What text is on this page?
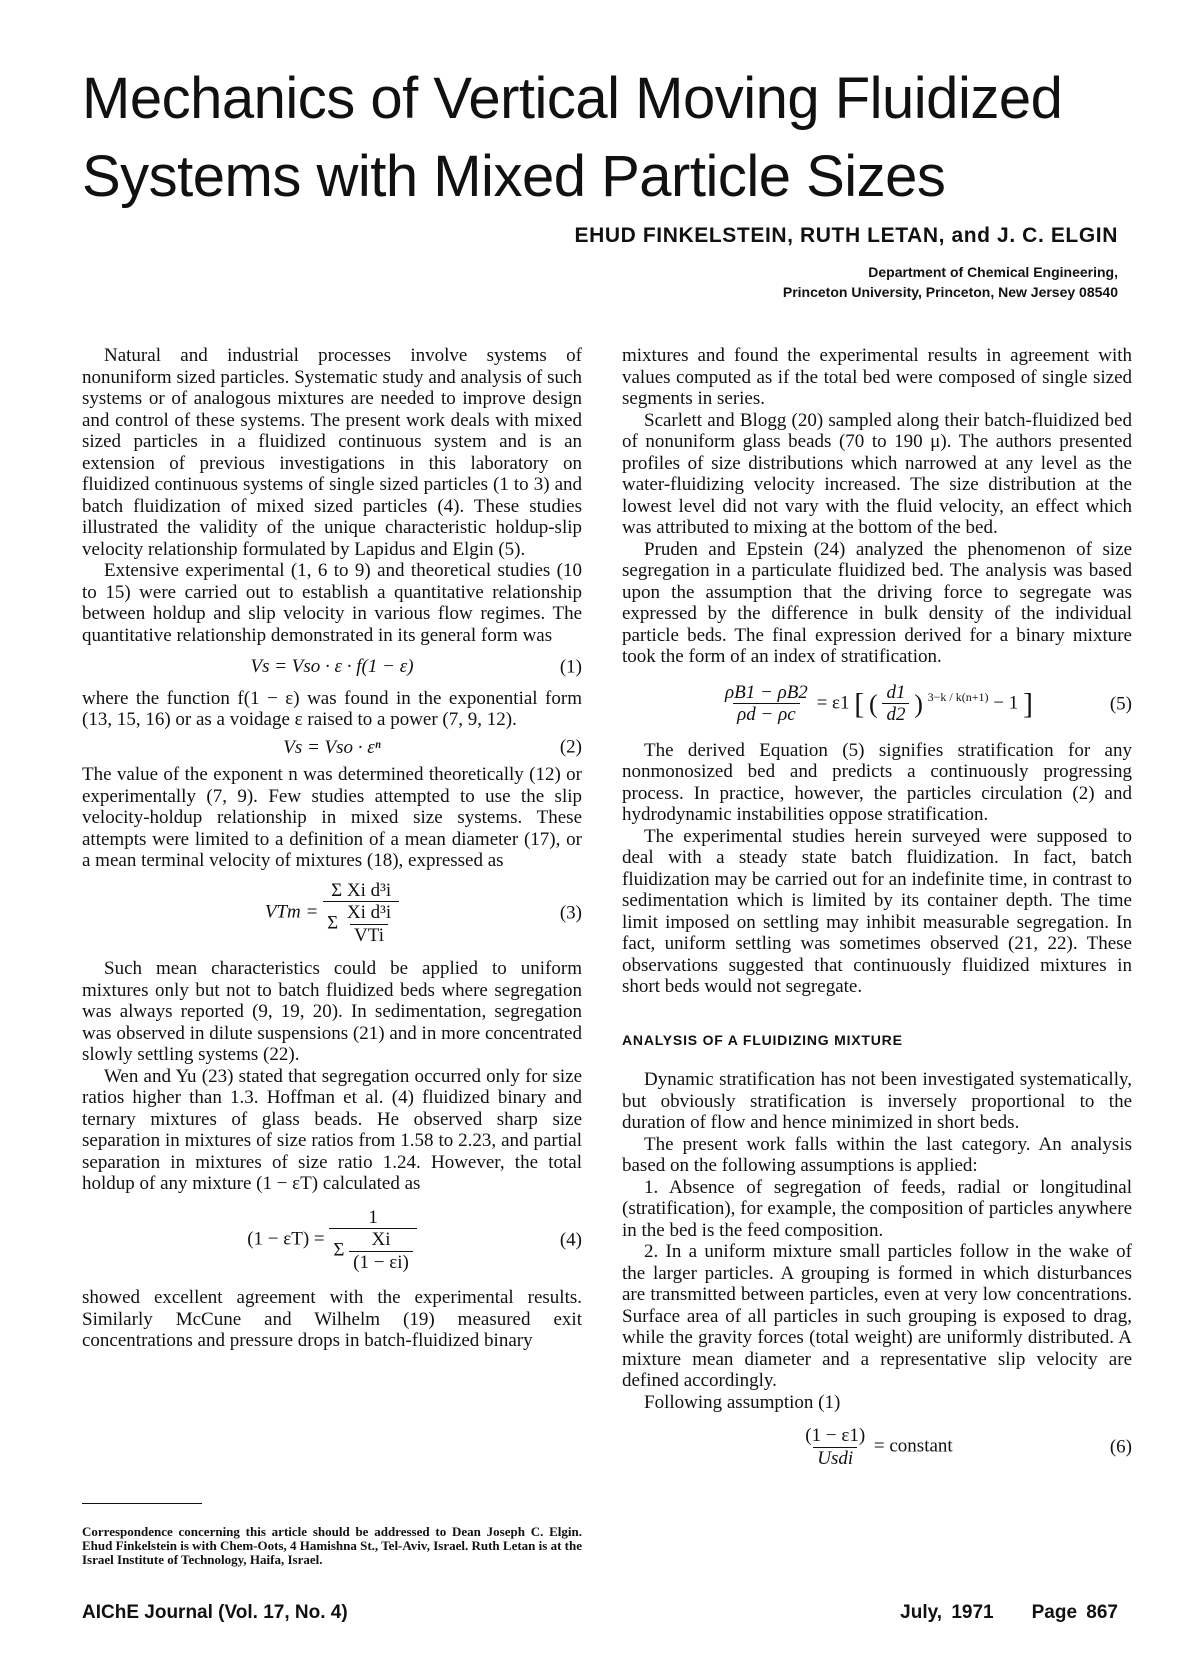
Mechanics of Vertical Moving Fluidized Systems with Mixed Particle Sizes
EHUD FINKELSTEIN, RUTH LETAN, and J. C. ELGIN
Department of Chemical Engineering,
Princeton University, Princeton, New Jersey 08540

Natural and industrial processes involve systems of nonuniform sized particles. Systematic study and analysis of such systems or of analogous mixtures are needed to improve design and control of these systems. The present work deals with mixed sized particles in a fluidized continuous system and is an extension of previous investigations in this laboratory on fluidized continuous systems of single sized particles (1 to 3) and batch fluidization of mixed sized particles (4). These studies illustrated the validity of the unique characteristic holdup-slip velocity relationship formulated by Lapidus and Elgin (5).

Extensive experimental (1, 6 to 9) and theoretical studies (10 to 15) were carried out to establish a quantitative relationship between holdup and slip velocity in various flow regimes. The quantitative relationship demonstrated in its general form was

Vs = Vso · ε · f(1 − ε)	(1)

where the function f(1 − ε) was found in the exponential form (13, 15, 16) or as a voidage ε raised to a power (7, 9, 12).

Vs = Vso · εⁿ	(2)

The value of the exponent n was determined theoretically (12) or experimentally (7, 9). Few studies attempted to use the slip velocity-holdup relationship in mixed size systems. These attempts were limited to a definition of a mean diameter (17), or a mean terminal velocity of mixtures (18), expressed as

VTm = $\frac{\text{Σ Xi d³i}}{\Sigma \frac{\text{Xi d³i}}{\text{VTi}}}$	(3)

Such mean characteristics could be applied to uniform mixtures only but not to batch fluidized beds where segregation was always reported (9, 19, 20). In sedimentation, segregation was observed in dilute suspensions (21) and in more concentrated slowly settling systems (22).

Wen and Yu (23) stated that segregation occurred only for size ratios higher than 1.3. Hoffman et al. (4) fluidized binary and ternary mixtures of glass beads. He observed sharp size separation in mixtures of size ratios from 1.58 to 2.23, and partial separation in mixtures of size ratio 1.24. However, the total holdup of any mixture (1 − εT) calculated as

$(1 - \varepsilon T) = \frac{1}{\Sigma \frac{Xi}{(1 - \varepsilon i)}}$	(4)

showed excellent agreement with the experimental results. Similarly McCune and Wilhelm (19) measured exit concentrations and pressure drops in batch-fluidized binary

mixtures and found the experimental results in agreement with values computed as if the total bed were composed of single sized segments in series.

Scarlett and Blogg (20) sampled along their batch-fluidized bed of nonuniform glass beads (70 to 190 μ). The authors presented profiles of size distributions which narrowed at any level as the water-fluidizing velocity increased. The size distribution at the lowest level did not vary with the fluid velocity, an effect which was attributed to mixing at the bottom of the bed.

Pruden and Epstein (24) analyzed the phenomenon of size segregation in a particulate fluidized bed. The analysis was based upon the assumption that the driving force to segregate was expressed by the difference in bulk density of the individual particle beds. The final expression derived for a binary mixture took the form of an index of stratification.

$\frac{\rho B1 - \rho B2}{\rho d - \rho c} = \varepsilon 1$ [ ( $\frac{d1}{d2}$ ) $^{3-k / k(n+1)}$ − 1 ]	(5)

The derived Equation (5) signifies stratification for any nonmonosized bed and predicts a continuously progressing process. In practice, however, the particles circulation (2) and hydrodynamic instabilities oppose stratification.

The experimental studies herein surveyed were supposed to deal with a steady state batch fluidization. In fact, batch fluidization may be carried out for an indefinite time, in contrast to sedimentation which is limited by its container depth. The time limit imposed on settling may inhibit measurable segregation. In fact, uniform settling was sometimes observed (21, 22). These observations suggested that continuously fluidized mixtures in short beds would not segregate.

ANALYSIS OF A FLUIDIZING MIXTURE

Dynamic stratification has not been investigated systematically, but obviously stratification is inversely proportional to the duration of flow and hence minimized in short beds.

The present work falls within the last category. An analysis based on the following assumptions is applied:

1. Absence of segregation of feeds, radial or longitudinal (stratification), for example, the composition of particles anywhere in the bed is the feed composition.

2. In a uniform mixture small particles follow in the wake of the larger particles. A grouping is formed in which disturbances are transmitted between particles, even at very low concentrations. Surface area of all particles in such grouping is exposed to drag, while the gravity forces (total weight) are uniformly distributed. A mixture mean diameter and a representative slip velocity are defined accordingly.

Following assumption (1)

$\frac{(1 - \varepsilon 1)}{\text{Usdi}}$ = constant	(6)
Correspondence concerning this article should be addressed to Dean Joseph C. Elgin. Ehud Finkelstein is with Chem-Oots, 4 Hamishna St., Tel-Aviv, Israel. Ruth Letan is at the Israel Institute of Technology, Haifa, Israel.
AIChE Journal (Vol. 17, No. 4)	July, 1971 Page 867
